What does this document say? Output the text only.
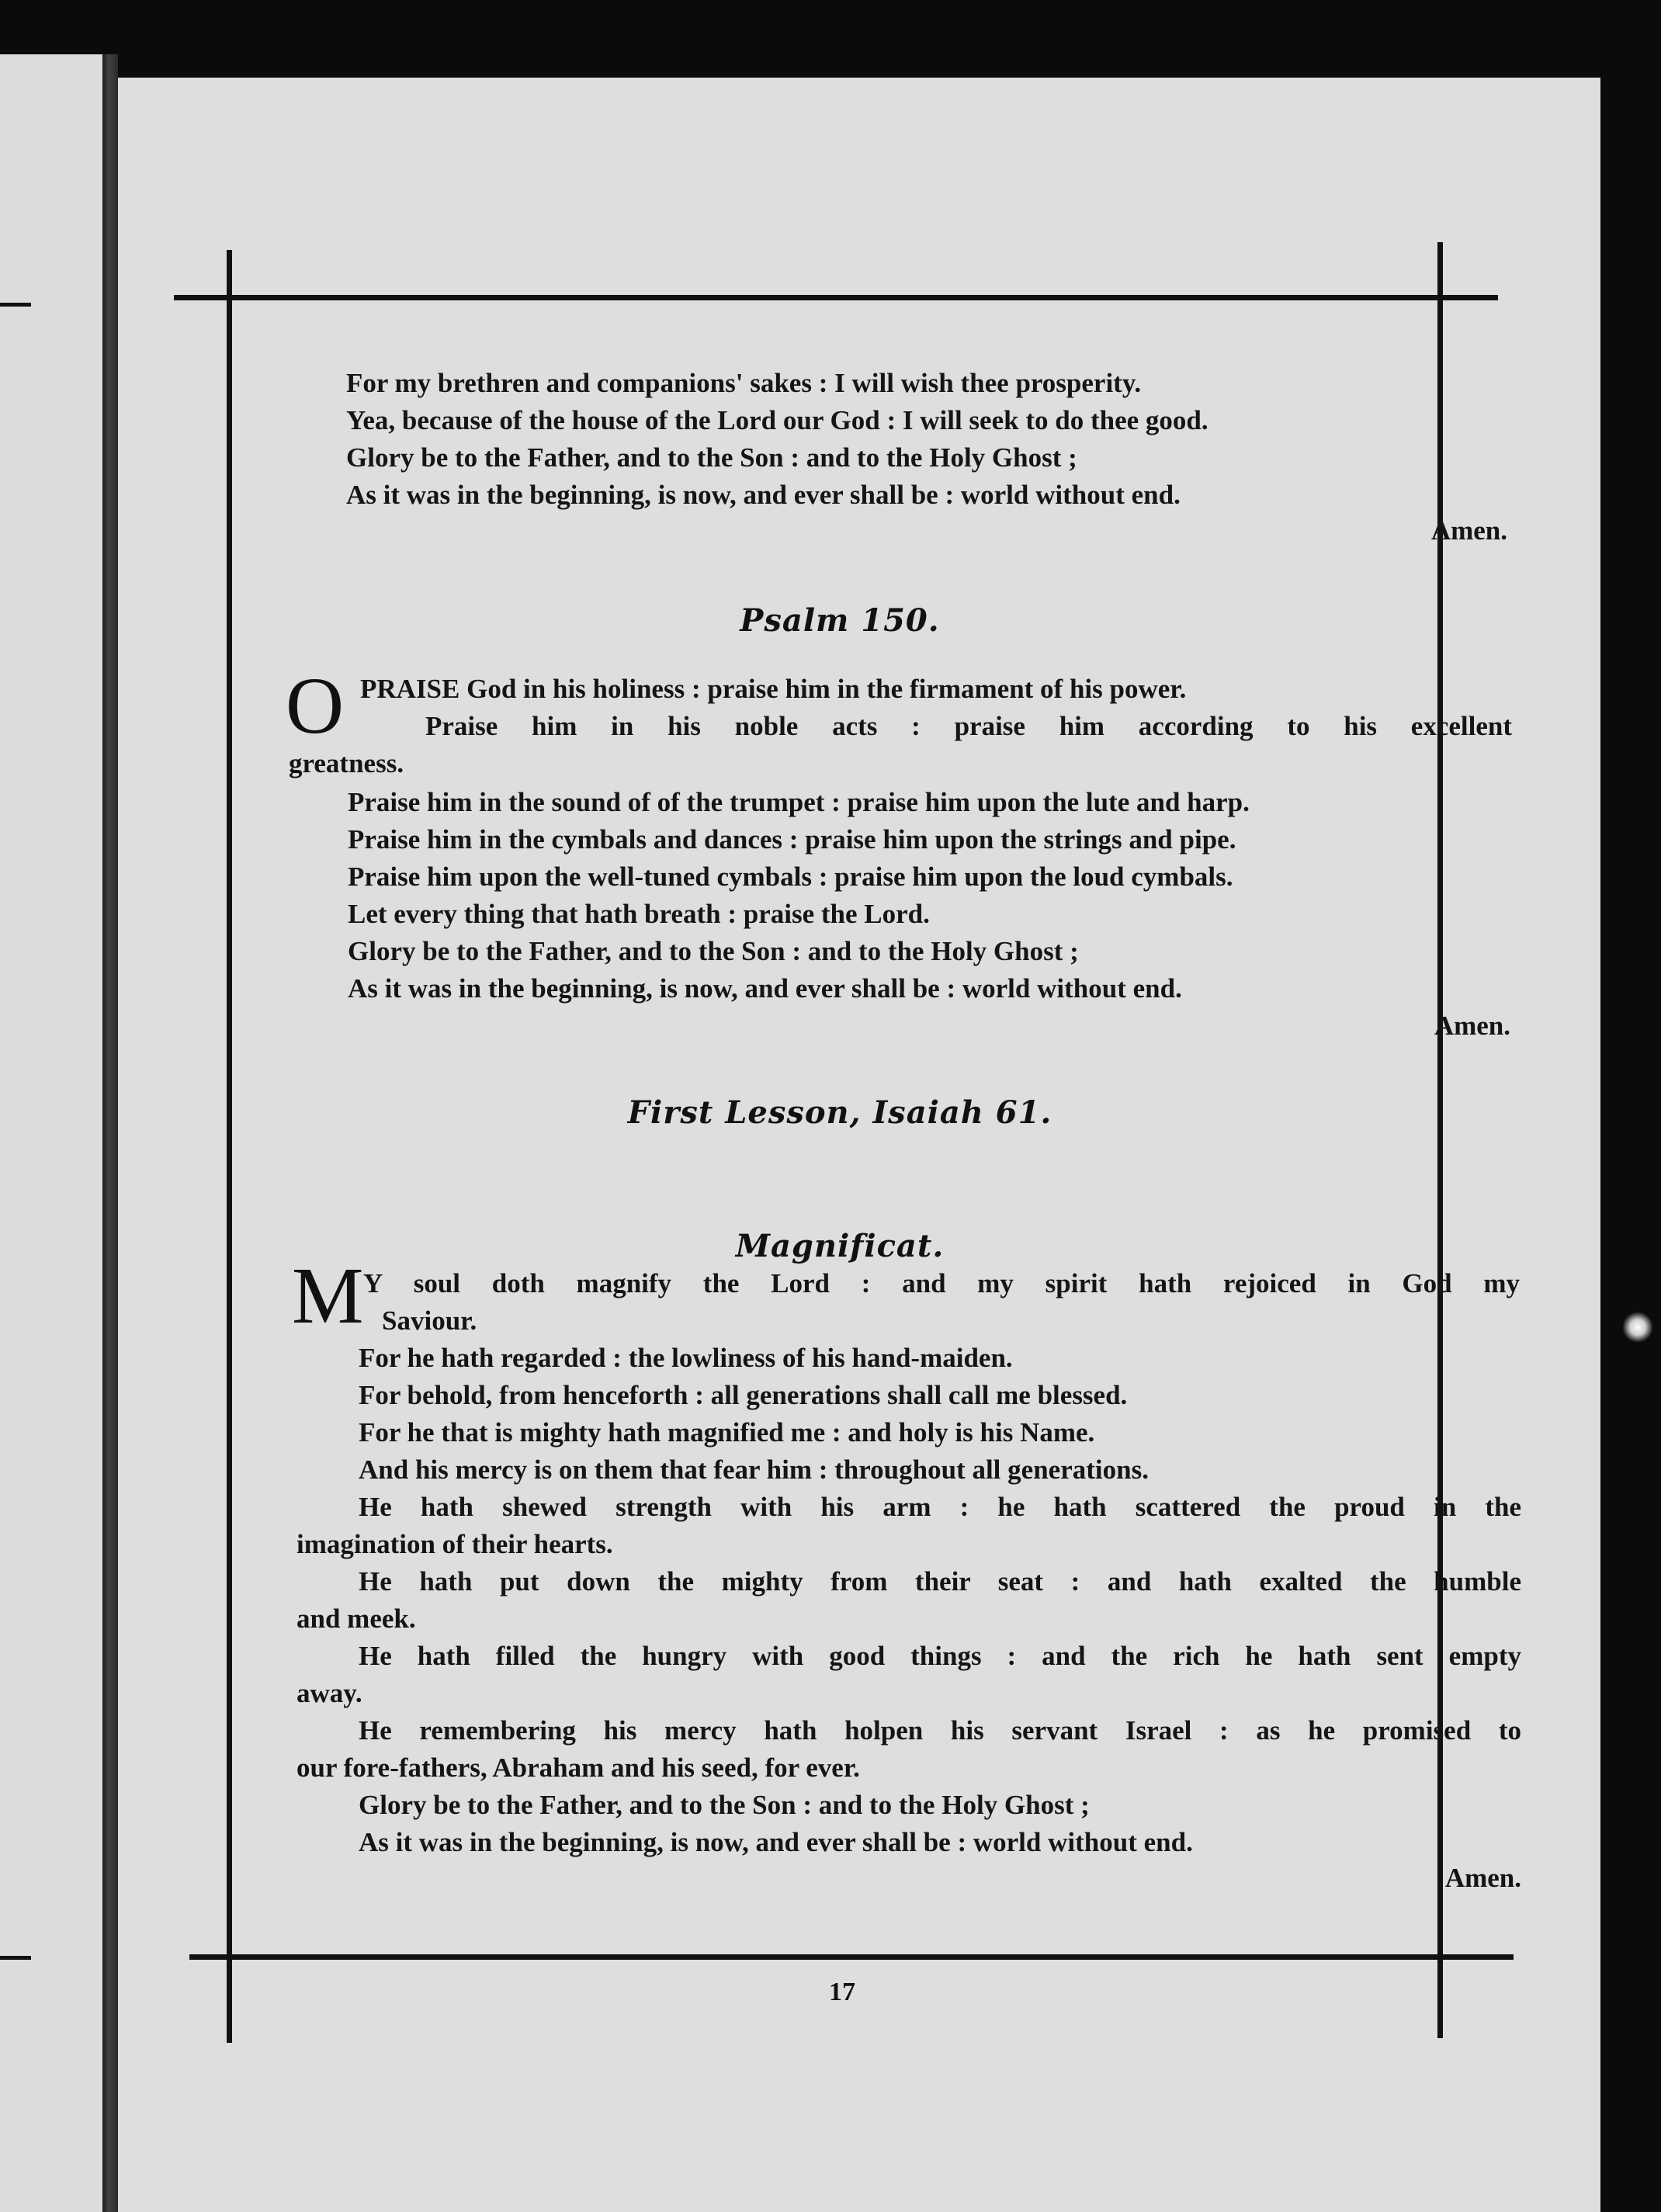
For my brethren and companions' sakes : I will wish thee prosperity.
Yea, because of the house of the Lord our God : I will seek to do thee good.
Glory be to the Father, and to the Son : and to the Holy Ghost ;
As it was in the beginning, is now, and ever shall be : world without end.
Amen.
Psalm 150.
O PRAISE God in his holiness : praise him in the firmament of his power.
Praise him in his noble acts : praise him according to his excellent
greatness.
Praise him in the sound of of the trumpet : praise him upon the lute and harp.
Praise him in the cymbals and dances : praise him upon the strings and pipe.
Praise him upon the well-tuned cymbals : praise him upon the loud cymbals.
Let every thing that hath breath : praise the Lord.
Glory be to the Father, and to the Son : and to the Holy Ghost ;
As it was in the beginning, is now, and ever shall be : world without end.
Amen.
First Lesson, Isaiah 61.
Magnificat.
M Y soul doth magnify the Lord : and my spirit hath rejoiced in God my
Saviour.
For he hath regarded : the lowliness of his hand-maiden.
For behold, from henceforth : all generations shall call me blessed.
For he that is mighty hath magnified me : and holy is his Name.
And his mercy is on them that fear him : throughout all generations.
He hath shewed strength with his arm : he hath scattered the proud in the
imagination of their hearts.
He hath put down the mighty from their seat : and hath exalted the humble
and meek.
He hath filled the hungry with good things : and the rich he hath sent empty
away.
He remembering his mercy hath holpen his servant Israel : as he promised to
our fore-fathers, Abraham and his seed, for ever.
Glory be to the Father, and to the Son : and to the Holy Ghost ;
As it was in the beginning, is now, and ever shall be : world without end.
Amen.
17
